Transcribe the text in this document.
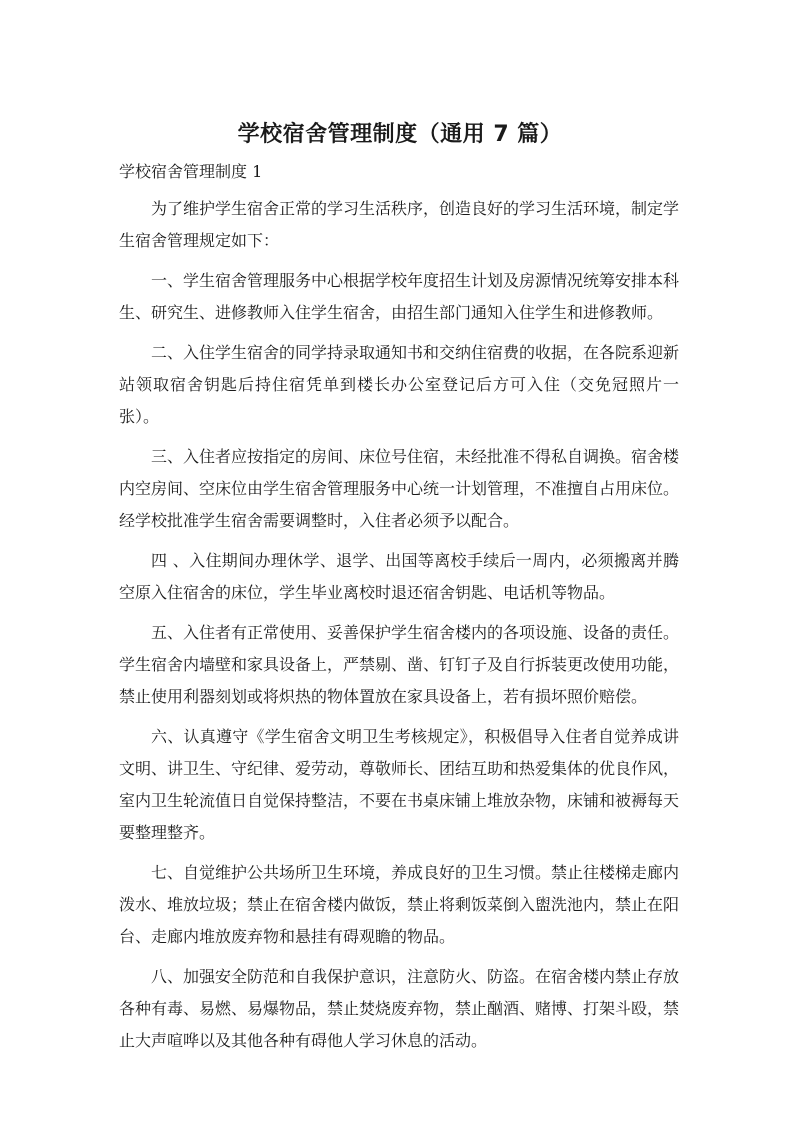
学校宿舍管理制度（通用 7 篇）

学校宿舍管理制度 1

为了维护学生宿舍正常的学习生活秩序，创造良好的学习生活环境，制定学生宿舍管理规定如下：

一、学生宿舍管理服务中心根据学校年度招生计划及房源情况统筹安排本科生、研究生、进修教师入住学生宿舍，由招生部门通知入住学生和进修教师。

二、入住学生宿舍的同学持录取通知书和交纳住宿费的收据，在各院系迎新站领取宿舍钥匙后持住宿凭单到楼长办公室登记后方可入住（交免冠照片一张）。

三、入住者应按指定的房间、床位号住宿，未经批准不得私自调换。宿舍楼内空房间、空床位由学生宿舍管理服务中心统一计划管理，不准擅自占用床位。经学校批准学生宿舍需要调整时，入住者必须予以配合。

四 、入住期间办理休学、退学、出国等离校手续后一周内，必须搬离并腾空原入住宿舍的床位，学生毕业离校时退还宿舍钥匙、电话机等物品。

五、入住者有正常使用、妥善保护学生宿舍楼内的各项设施、设备的责任。学生宿舍内墙壁和家具设备上，严禁剔、凿、钉钉子及自行拆装更改使用功能，禁止使用利器刻划或将炽热的物体置放在家具设备上，若有损坏照价赔偿。

六、认真遵守《学生宿舍文明卫生考核规定》，积极倡导入住者自觉养成讲文明、讲卫生、守纪律、爱劳动，尊敬师长、团结互助和热爱集体的优良作风，室内卫生轮流值日自觉保持整洁，不要在书桌床铺上堆放杂物，床铺和被褥每天要整理整齐。

七、自觉维护公共场所卫生环境，养成良好的卫生习惯。禁止往楼梯走廊内泼水、堆放垃圾；禁止在宿舍楼内做饭，禁止将剩饭菜倒入盥洗池内，禁止在阳台、走廊内堆放废弃物和悬挂有碍观瞻的物品。

八、加强安全防范和自我保护意识，注意防火、防盗。在宿舍楼内禁止存放各种有毒、易燃、易爆物品，禁止焚烧废弃物，禁止酗酒、赌博、打架斗殴，禁止大声喧哗以及其他各种有碍他人学习休息的活动。
